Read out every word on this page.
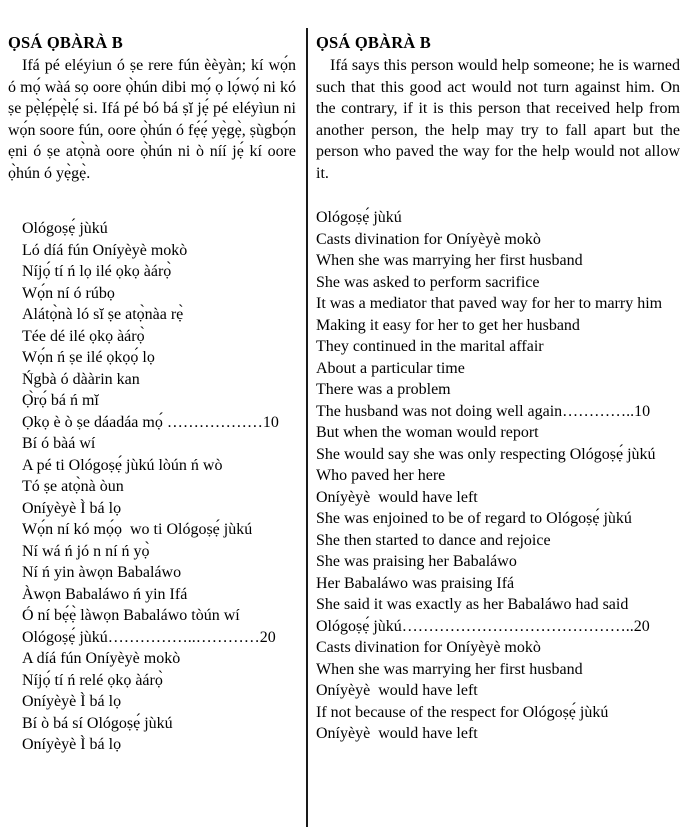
ỌSÁ ỌBÀRÀ B

Ifá pé eléyiun ó ṣe rere fún èèyàn; kí wọ́n ó mọ́ wàá sọ oore ọ̀hún dibi mọ́ ọ lọ́wọ́ ni kó ṣe pẹ̀lẹ́pẹ̀lẹ́ si. Ifá pé bó bá ṣĭ jẹ́ pé eléyìun ni wọ́n soore fún, oore ọ̀hún ó fẹ́ẹ́ yẹ̀gẹ̀, ṣùgbọ́n ẹni ó ṣe atọ̀nà oore ọ̀hún ni ò níí jẹ́ kí oore ọ̀hún ó yẹ̀gẹ̀.

Ológoṣẹ́ jùkú
Ló díá fún Oníyèyè mokò
Níjọ́ tí ń lọ ilé ọkọ àárọ̀
Wọ́n ní ó rúbọ
Alátọ̀nà ló sĭ ṣe atọ̀nàa rẹ̀
Tée dé ilé ọkọ àárọ̀
Wọ́n ń ṣe ilé ọkọọ́ lọ
Ńgbà ó dààrin kan
Ọ̀rọ́ bá ń mĭ
Ọkọ è ò ṣe dáadáa mọ́ ………………10
Bí ó bàá wí
A pé ti Ológoṣẹ́ jùkú lòún ń wò
Tó ṣe atọ̀nà òun
Oníyèyè Ì bá lọ
Wọ́n ní kó mọ́ọ  wo ti Ológoṣẹ́ jùkú
Ní wá ń jó n ní ń yọ̀
Ní ń yin àwọn Babaláwo
Àwọn Babaláwo ń yin Ifá
Ó ní bẹ́ẹ̀ làwọn Babaláwo tòún wí
Ológoṣẹ́ jùkú……………..…………20
A díá fún Oníyèyè mokò
Níjọ́ tí ń relé ọkọ àárọ̀
Oníyèyè Ì bá lọ
Bí ò bá sí Ológoṣẹ́ jùkú
Oníyèyè Ì bá lọ
ỌSÁ ỌBÀRÀ B

Ifá says this person would help someone; he is warned such that this good act would not turn against him. On the contrary, if it is this person that received help from another person, the help may try to fall apart but the person who paved the way for the help would not allow it.

Ológoṣẹ́ jùkú
Casts divination for Oníyèyè mokò
When she was marrying her first husband
She was asked to perform sacrifice
It was a mediator that paved way for her to marry him
Making it easy for her to get her husband
They continued in the marital affair
About a particular time
There was a problem
The husband was not doing well again…………..10
But when the woman would report
She would say she was only respecting Ológoṣẹ́ jùkú
Who paved her here
Oníyèyè  would have left
She was enjoined to be of regard to Ológoṣẹ́ jùkú
She then started to dance and rejoice
She was praising her Babaláwo
Her Babaláwo was praising Ifá
She said it was exactly as her Babaláwo had said
Ológoṣẹ́ jùkú……………………………………..20
Casts divination for Oníyèyè mokò
When she was marrying her first husband
Oníyèyè  would have left
If not because of the respect for Ológoṣẹ́ jùkú
Oníyèyè  would have left
